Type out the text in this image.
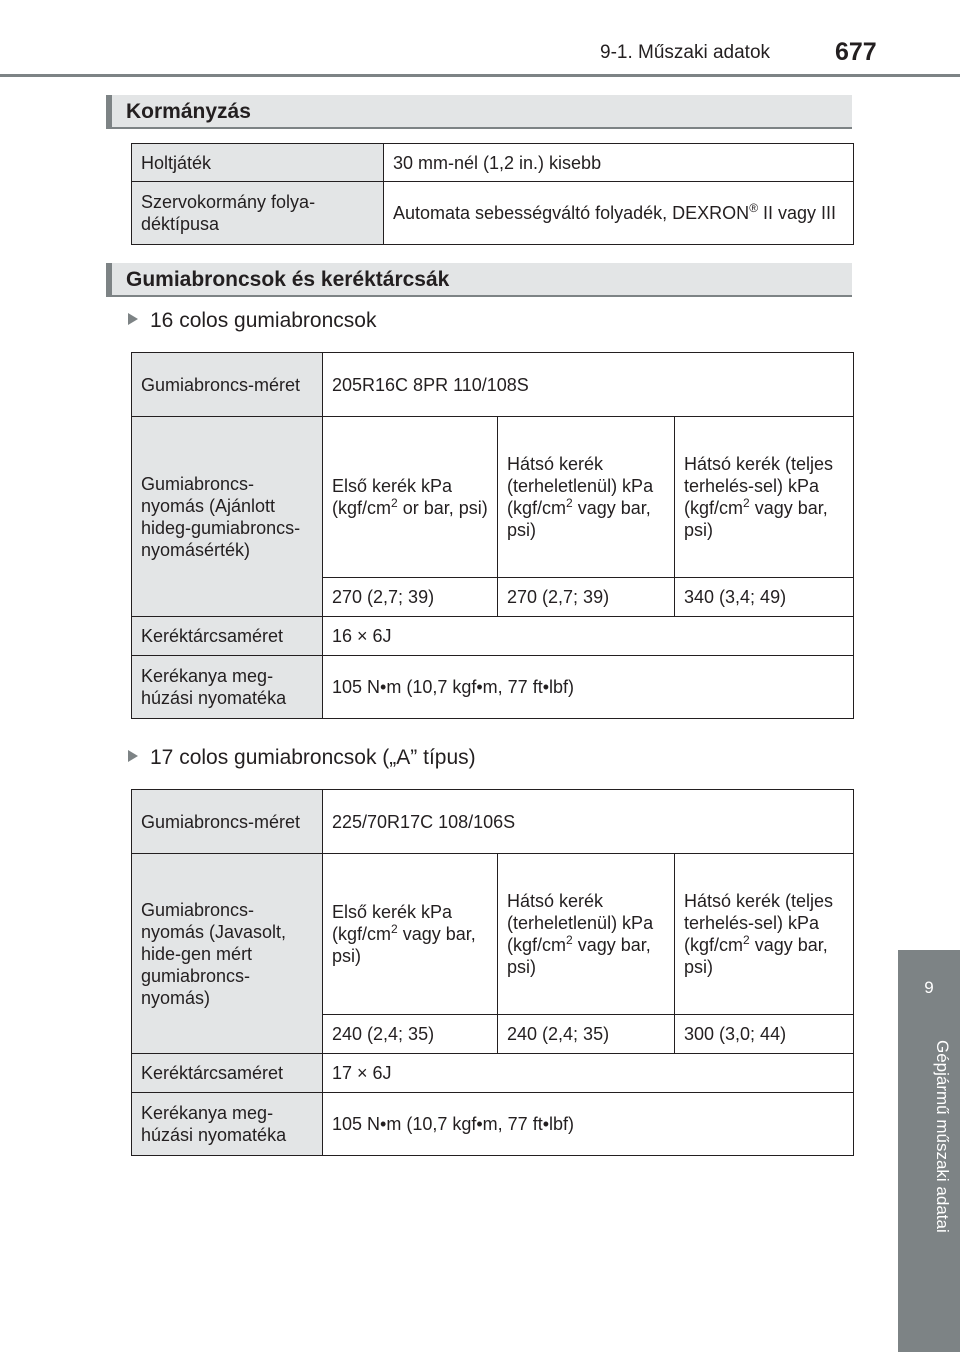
9-1. Műszaki adatok	677
9
Gépjármű műszaki adatai
Kormányzás
Holtjáték	30 mm-nél (1,2 in.) kisebb
Szervokormány folya-déktípusa	Automata sebességváltó folyadék, DEXRON® II vagy III
Gumiabroncsok és keréktárcsák
16 colos gumiabroncsok
Gumiabroncs-méret	205R16C 8PR 110/108S		
Gumiabroncs-nyomás (Ajánlott hideg-gumiabroncs-nyomásérték)	Első kerék kPa ($kgf/cm^2$ or bar, psi)	Hátsó kerék (terheletlenül) kPa ($kgf/cm^2$ vagy bar, psi)	Hátsó kerék (teljes terhelés-sel) kPa ($kgf/cm^2$ vagy bar, psi)
	270 (2,7; 39)	270 (2,7; 39)	340 (3,4; 49)
Keréktárcsaméret	16 × 6J		
Kerékanya meg-húzási nyomatéka	105 N•m (10,7 kgf•m, 77 ft•lbf)		
17 colos gumiabroncsok („A” típus)
Gumiabroncs-méret	225/70R17C 108/106S		
Gumiabroncs-nyomás (Javasolt, hide-gen mért gumiabroncs-nyomás)	Első kerék kPa ($kgf/cm^2$ vagy bar, psi)	Hátsó kerék (terheletlenül) kPa ($kgf/cm^2$ vagy bar, psi)	Hátsó kerék (teljes terhelés-sel) kPa ($kgf/cm^2$ vagy bar, psi)
	240 (2,4; 35)	240 (2,4; 35)	300 (3,0; 44)
Keréktárcsaméret	17 × 6J		
Kerékanya meg-húzási nyomatéka	105 N•m (10,7 kgf•m, 77 ft•lbf)		
